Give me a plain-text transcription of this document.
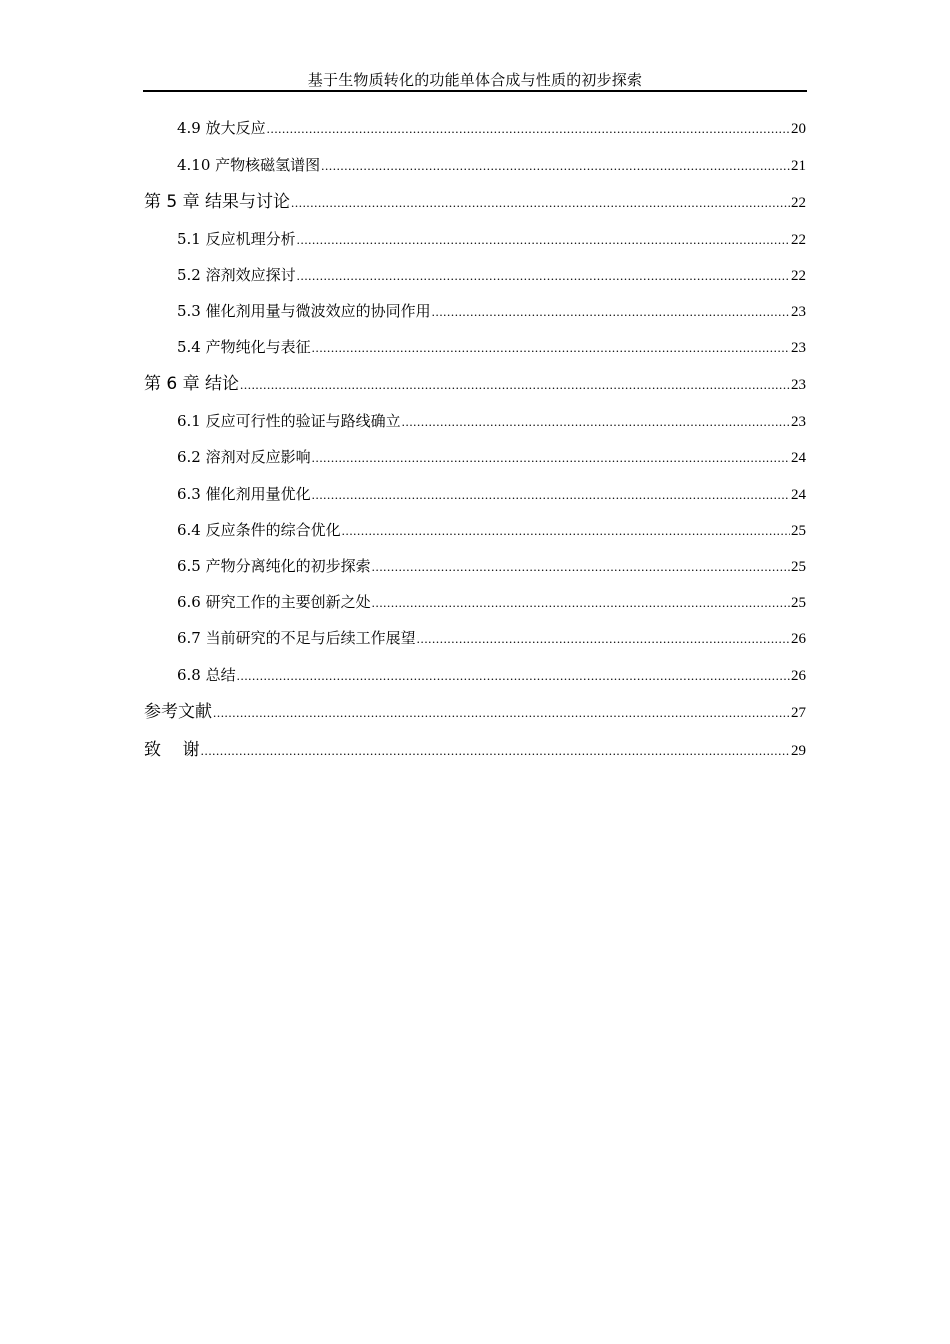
基于生物质转化的功能单体合成与性质的初步探索
4.9 放大反应 .....	20
4.10 产物核磁氢谱图 .....	21
第 5 章 结果与讨论 .....	22
5.1 反应机理分析 .....	22
5.2 溶剂效应探讨 .....	22
5.3 催化剂用量与微波效应的协同作用 .....	23
5.4 产物纯化与表征 .....	23
第 6 章 结论 .....	23
6.1 反应可行性的验证与路线确立 .....	23
6.2 溶剂对反应影响 .....	24
6.3 催化剂用量优化 .....	24
6.4 反应条件的综合优化 .....	25
6.5 产物分离纯化的初步探索 .....	25
6.6 研究工作的主要创新之处 .....	25
6.7 当前研究的不足与后续工作展望 .....	26
6.8 总结 .....	26
参考文献 .....	27
致    谢 .....	29
